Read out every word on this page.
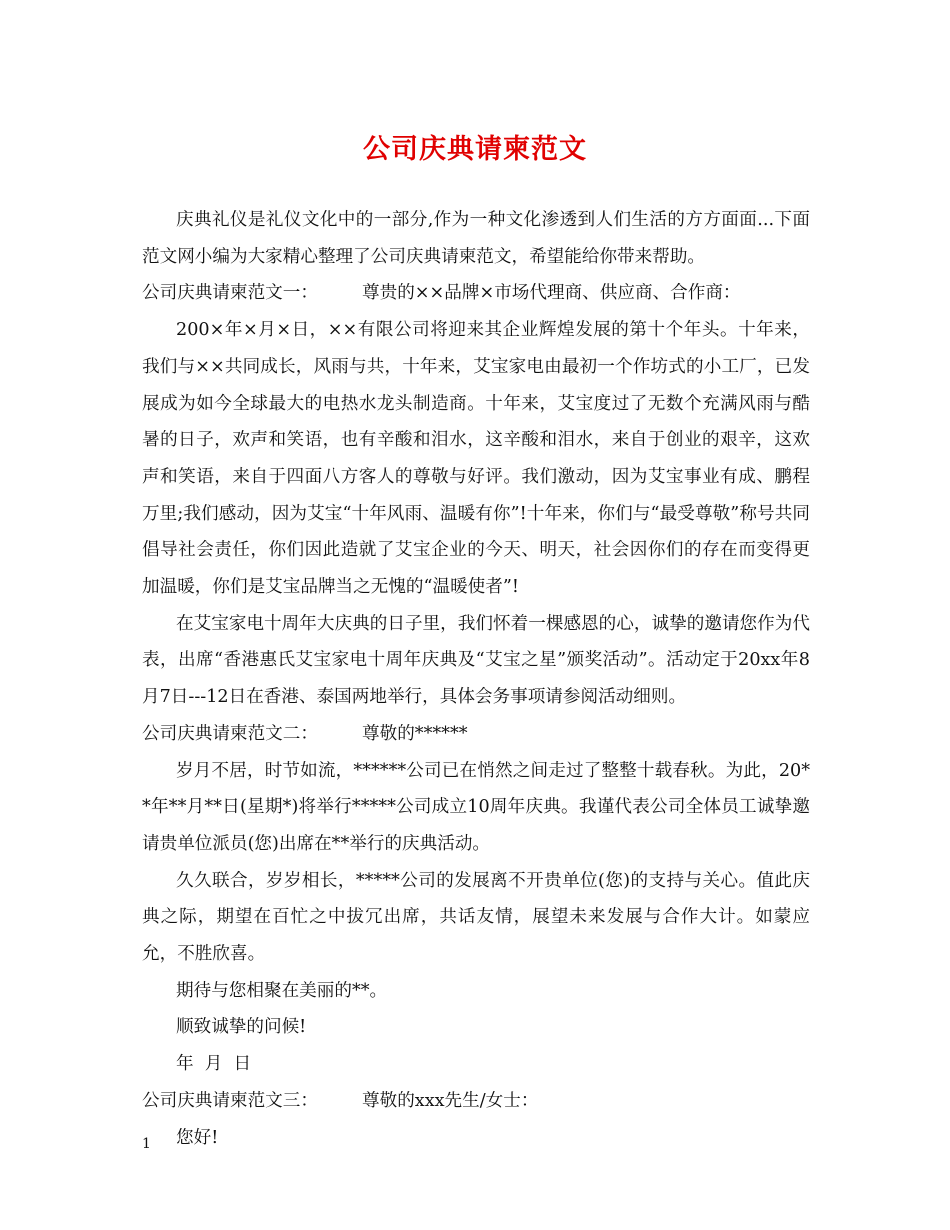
公司庆典请柬范文

庆典礼仪是礼仪文化中的一部分,作为一种文化渗透到人们生活的方方面面...下面范文网小编为大家精心整理了公司庆典请柬范文，希望能给你带来帮助。

公司庆典请柬范文一：	尊贵的××品牌×市场代理商、供应商、合作商：

200×年×月×日，××有限公司将迎来其企业辉煌发展的第十个年头。十年来，我们与××共同成长，风雨与共，十年来，艾宝家电由最初一个作坊式的小工厂，已发展成为如今全球最大的电热水龙头制造商。十年来，艾宝度过了无数个充满风雨与酷暑的日子，欢声和笑语，也有辛酸和泪水，这辛酸和泪水，来自于创业的艰辛，这欢声和笑语，来自于四面八方客人的尊敬与好评。我们激动，因为艾宝事业有成、鹏程万里;我们感动，因为艾宝“十年风雨、温暖有你”!十年来，你们与“最受尊敬”称号共同倡导社会责任，你们因此造就了艾宝企业的今天、明天，社会因你们的存在而变得更加温暖，你们是艾宝品牌当之无愧的“温暖使者”!

在艾宝家电十周年大庆典的日子里，我们怀着一棵感恩的心，诚挚的邀请您作为代表，出席“香港惠氏艾宝家电十周年庆典及“艾宝之星”颁奖活动”。活动定于20xx年8月7日---12日在香港、泰国两地举行，具体会务事项请参阅活动细则。

公司庆典请柬范文二：	尊敬的******

岁月不居，时节如流，******公司已在悄然之间走过了整整十载春秋。为此，20**年**月**日(星期*)将举行*****公司成立10周年庆典。我谨代表公司全体员工诚挚邀请贵单位派员(您)出席在**举行的庆典活动。

久久联合，岁岁相长，*****公司的发展离不开贵单位(您)的支持与关心。值此庆典之际，期望在百忙之中拔冗出席，共话友情，展望未来发展与合作大计。如蒙应允，不胜欣喜。

期待与您相聚在美丽的**。

顺致诚挚的问候!

年  月  日

公司庆典请柬范文三：	尊敬的xxx先生/女士：

您好!

1
